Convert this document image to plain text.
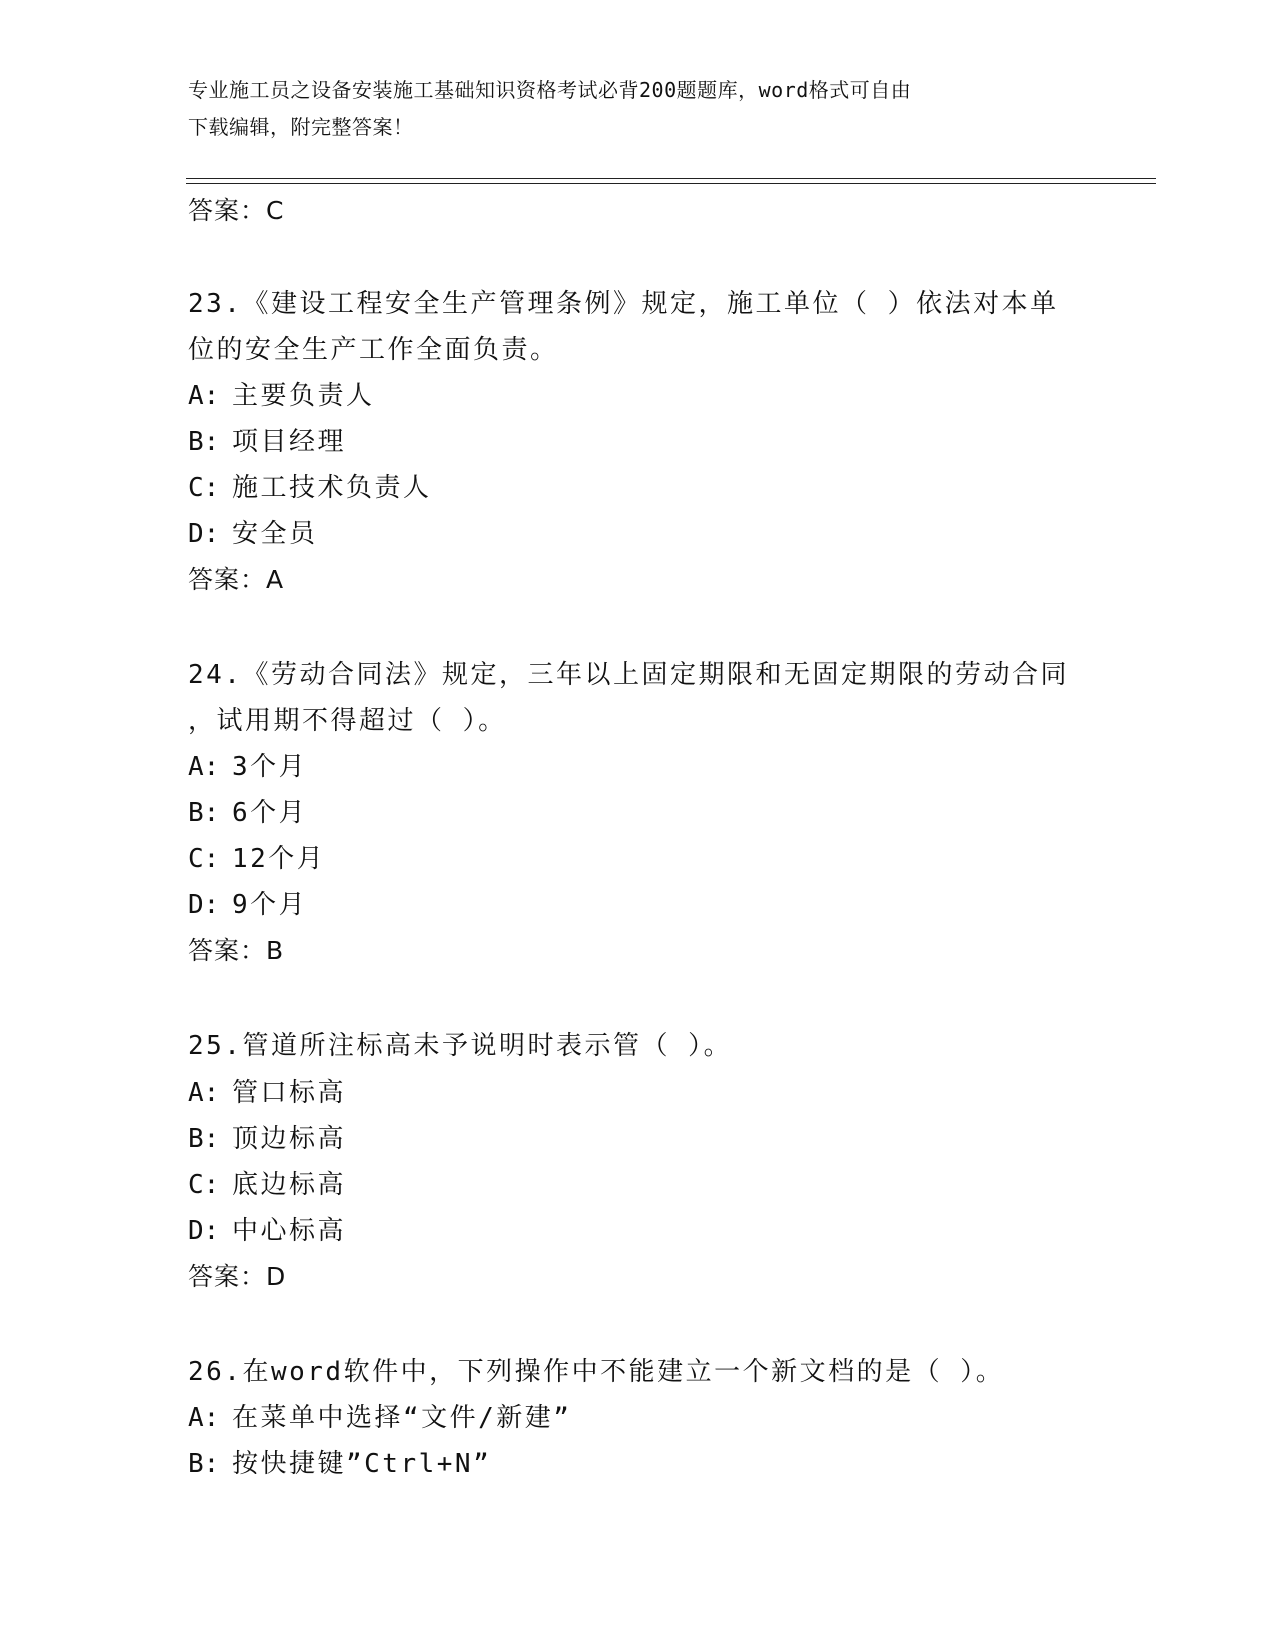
专业施工员之设备安装施工基础知识资格考试必背200题题库，word格式可自由
下载编辑，附完整答案！
答案：C
23.《建设工程安全生产管理条例》规定，施工单位（ ）依法对本单
位的安全生产工作全面负责。
A: 主要负责人
B: 项目经理
C: 施工技术负责人
D: 安全员
答案：A
24.《劳动合同法》规定，三年以上固定期限和无固定期限的劳动合同
，试用期不得超过（ ）。
A: 3个月
B: 6个月
C: 12个月
D: 9个月
答案：B
25.管道所注标高未予说明时表示管（ ）。
A: 管口标高
B: 顶边标高
C: 底边标高
D: 中心标高
答案：D
26.在word软件中，下列操作中不能建立一个新文档的是（ ）。
A: 在菜单中选择“文件/新建”
B: 按快捷键”Ctrl+N”
